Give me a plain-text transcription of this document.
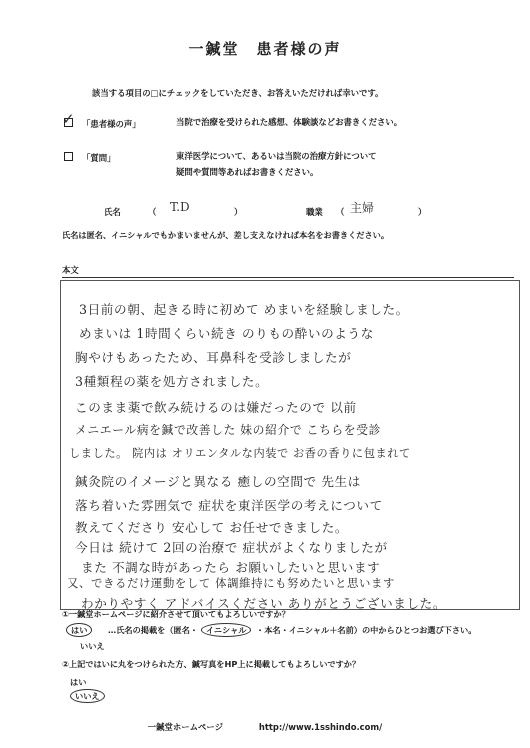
一鍼堂　患者様の声
該当する項目の□にチェックをしていただき、お答えいただければ幸いです。
✓ 「患者様の声」	当院で治療を受けられた感想、体験談などお書きください。
「質問」	東洋医学について、あるいは当院の治療方針について
疑問や質問等あればお書きください。
氏名	（ T.D	）	職業 （ 主婦	）
氏名は匿名、イニシャルでもかまいませんが、差し支えなければ本名をお書きください。
本文
3日前の朝、起きる時に初めて めまいを経験しました。
めまいは 1時間くらい続き のりもの酔いのような
胸やけもあったため、耳鼻科を受診しましたが
3種類程の薬を処方されました。
このまま薬で飲み続けるのは嫌だったので 以前
メニエール病を鍼で改善した 妹の紹介で こちらを受診
しました。 院内は オリエンタルな内装で お香の香りに包まれて
鍼灸院のイメージと異なる 癒しの空間で 先生は
落ち着いた雰囲気で 症状を東洋医学の考えについて
教えてくださり 安心して お任せできました。
今日は 続けて 2回の治療で 症状がよくなりましたが
また 不調な時があったら お願いしたいと思います
又、できるだけ運動をして 体調維持にも努めたいと思います
わかりやすく アドバイスください ありがとうございました。
①一鍼堂ホームページに紹介させて頂いてもよろしいですか？
はい	…氏名の掲載を（匿名・ イニシャル	・本名・イニシャル＋名前）の中からひとつお選び下さい。
いいえ
②上記ではいに丸をつけられた方、鍼写真をHP上に掲載してもよろしいですか？
はい
いいえ
一鍼堂ホームページ	http://www.1sshindo.com/
